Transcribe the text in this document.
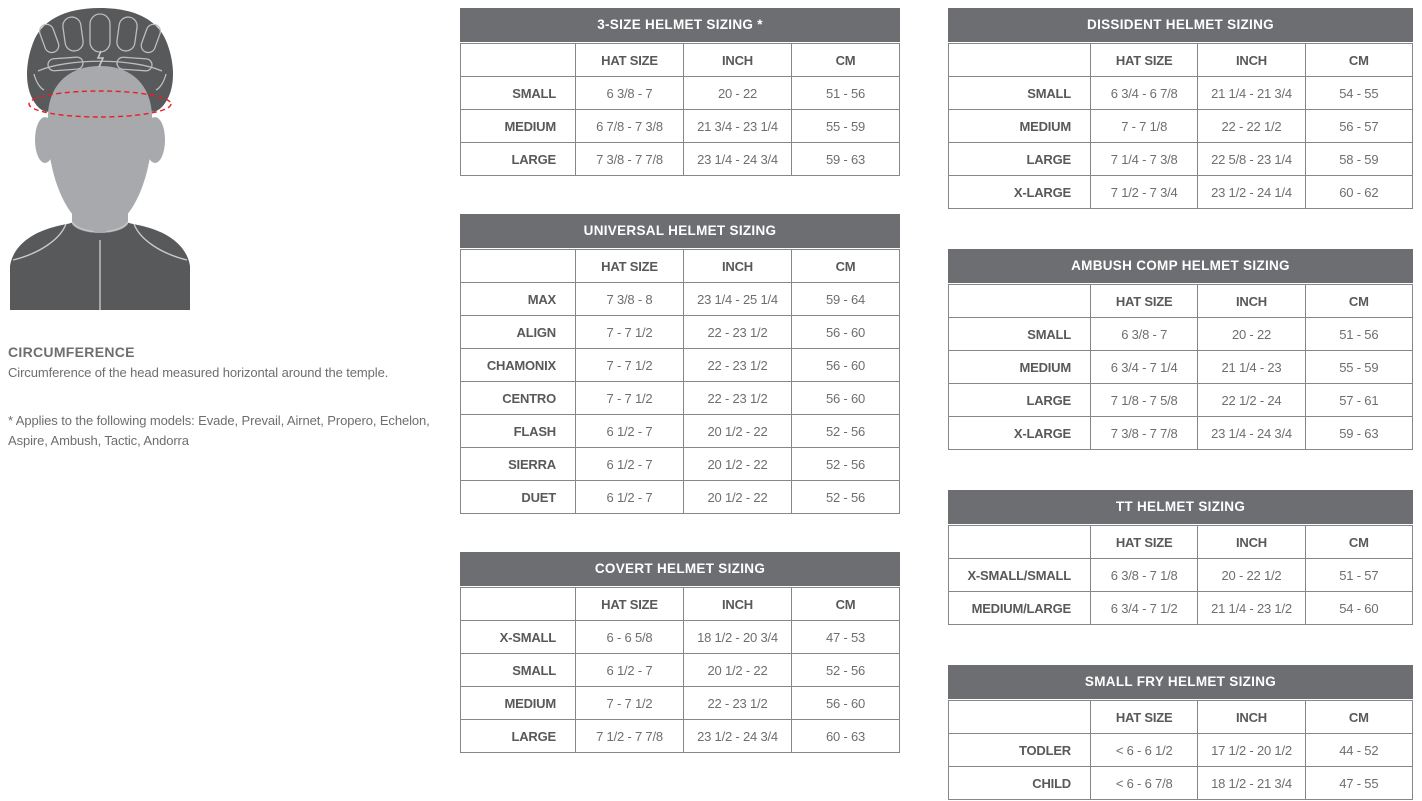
CIRCUMFERENCE
Circumference of the head measured horizontal around the temple.
* Applies to the following models: Evade, Prevail, Airnet, Propero, Echelon, Aspire, Ambush, Tactic, Andorra
3-SIZE HELMET SIZING *
	HAT SIZE	INCH	CM
SMALL	6 3/8 - 7	20 - 22	51 - 56
MEDIUM	6 7/8 - 7 3/8	21 3/4 - 23 1/4	55 - 59
LARGE	7 3/8 - 7 7/8	23 1/4 - 24 3/4	59 - 63
UNIVERSAL HELMET SIZING
	HAT SIZE	INCH	CM
MAX	7 3/8 - 8	23 1/4 - 25 1/4	59 - 64
ALIGN	7 - 7 1/2	22 - 23 1/2	56 - 60
CHAMONIX	7 - 7 1/2	22 - 23 1/2	56 - 60
CENTRO	7 - 7 1/2	22 - 23 1/2	56 - 60
FLASH	6 1/2 - 7	20 1/2 - 22	52 - 56
SIERRA	6 1/2 - 7	20 1/2 - 22	52 - 56
DUET	6 1/2 - 7	20 1/2 - 22	52 - 56
COVERT HELMET SIZING
	HAT SIZE	INCH	CM
X-SMALL	6 - 6 5/8	18 1/2 - 20 3/4	47 - 53
SMALL	6 1/2 - 7	20 1/2 - 22	52 - 56
MEDIUM	7 - 7 1/2	22 - 23 1/2	56 - 60
LARGE	7 1/2 - 7 7/8	23 1/2 - 24 3/4	60 - 63
DISSIDENT HELMET SIZING
	HAT SIZE	INCH	CM
SMALL	6 3/4 - 6 7/8	21 1/4 - 21 3/4	54 - 55
MEDIUM	7 - 7 1/8	22 - 22 1/2	56 - 57
LARGE	7 1/4 - 7 3/8	22 5/8 - 23 1/4	58 - 59
X-LARGE	7 1/2 - 7 3/4	23 1/2 - 24 1/4	60 - 62
AMBUSH COMP HELMET SIZING
	HAT SIZE	INCH	CM
SMALL	6 3/8 - 7	20 - 22	51 - 56
MEDIUM	6 3/4 - 7 1/4	21 1/4 - 23	55 - 59
LARGE	7 1/8 - 7 5/8	22 1/2 - 24	57 - 61
X-LARGE	7 3/8 - 7 7/8	23 1/4 - 24 3/4	59 - 63
TT HELMET SIZING
	HAT SIZE	INCH	CM
X-SMALL/SMALL	6 3/8 - 7 1/8	20 - 22 1/2	51 - 57
MEDIUM/LARGE	6 3/4 - 7 1/2	21 1/4 - 23 1/2	54 - 60
SMALL FRY HELMET SIZING
	HAT SIZE	INCH	CM
TODLER	< 6 - 6 1/2	17 1/2 - 20 1/2	44 - 52
CHILD	< 6 - 6 7/8	18 1/2 - 21 3/4	47 - 55
